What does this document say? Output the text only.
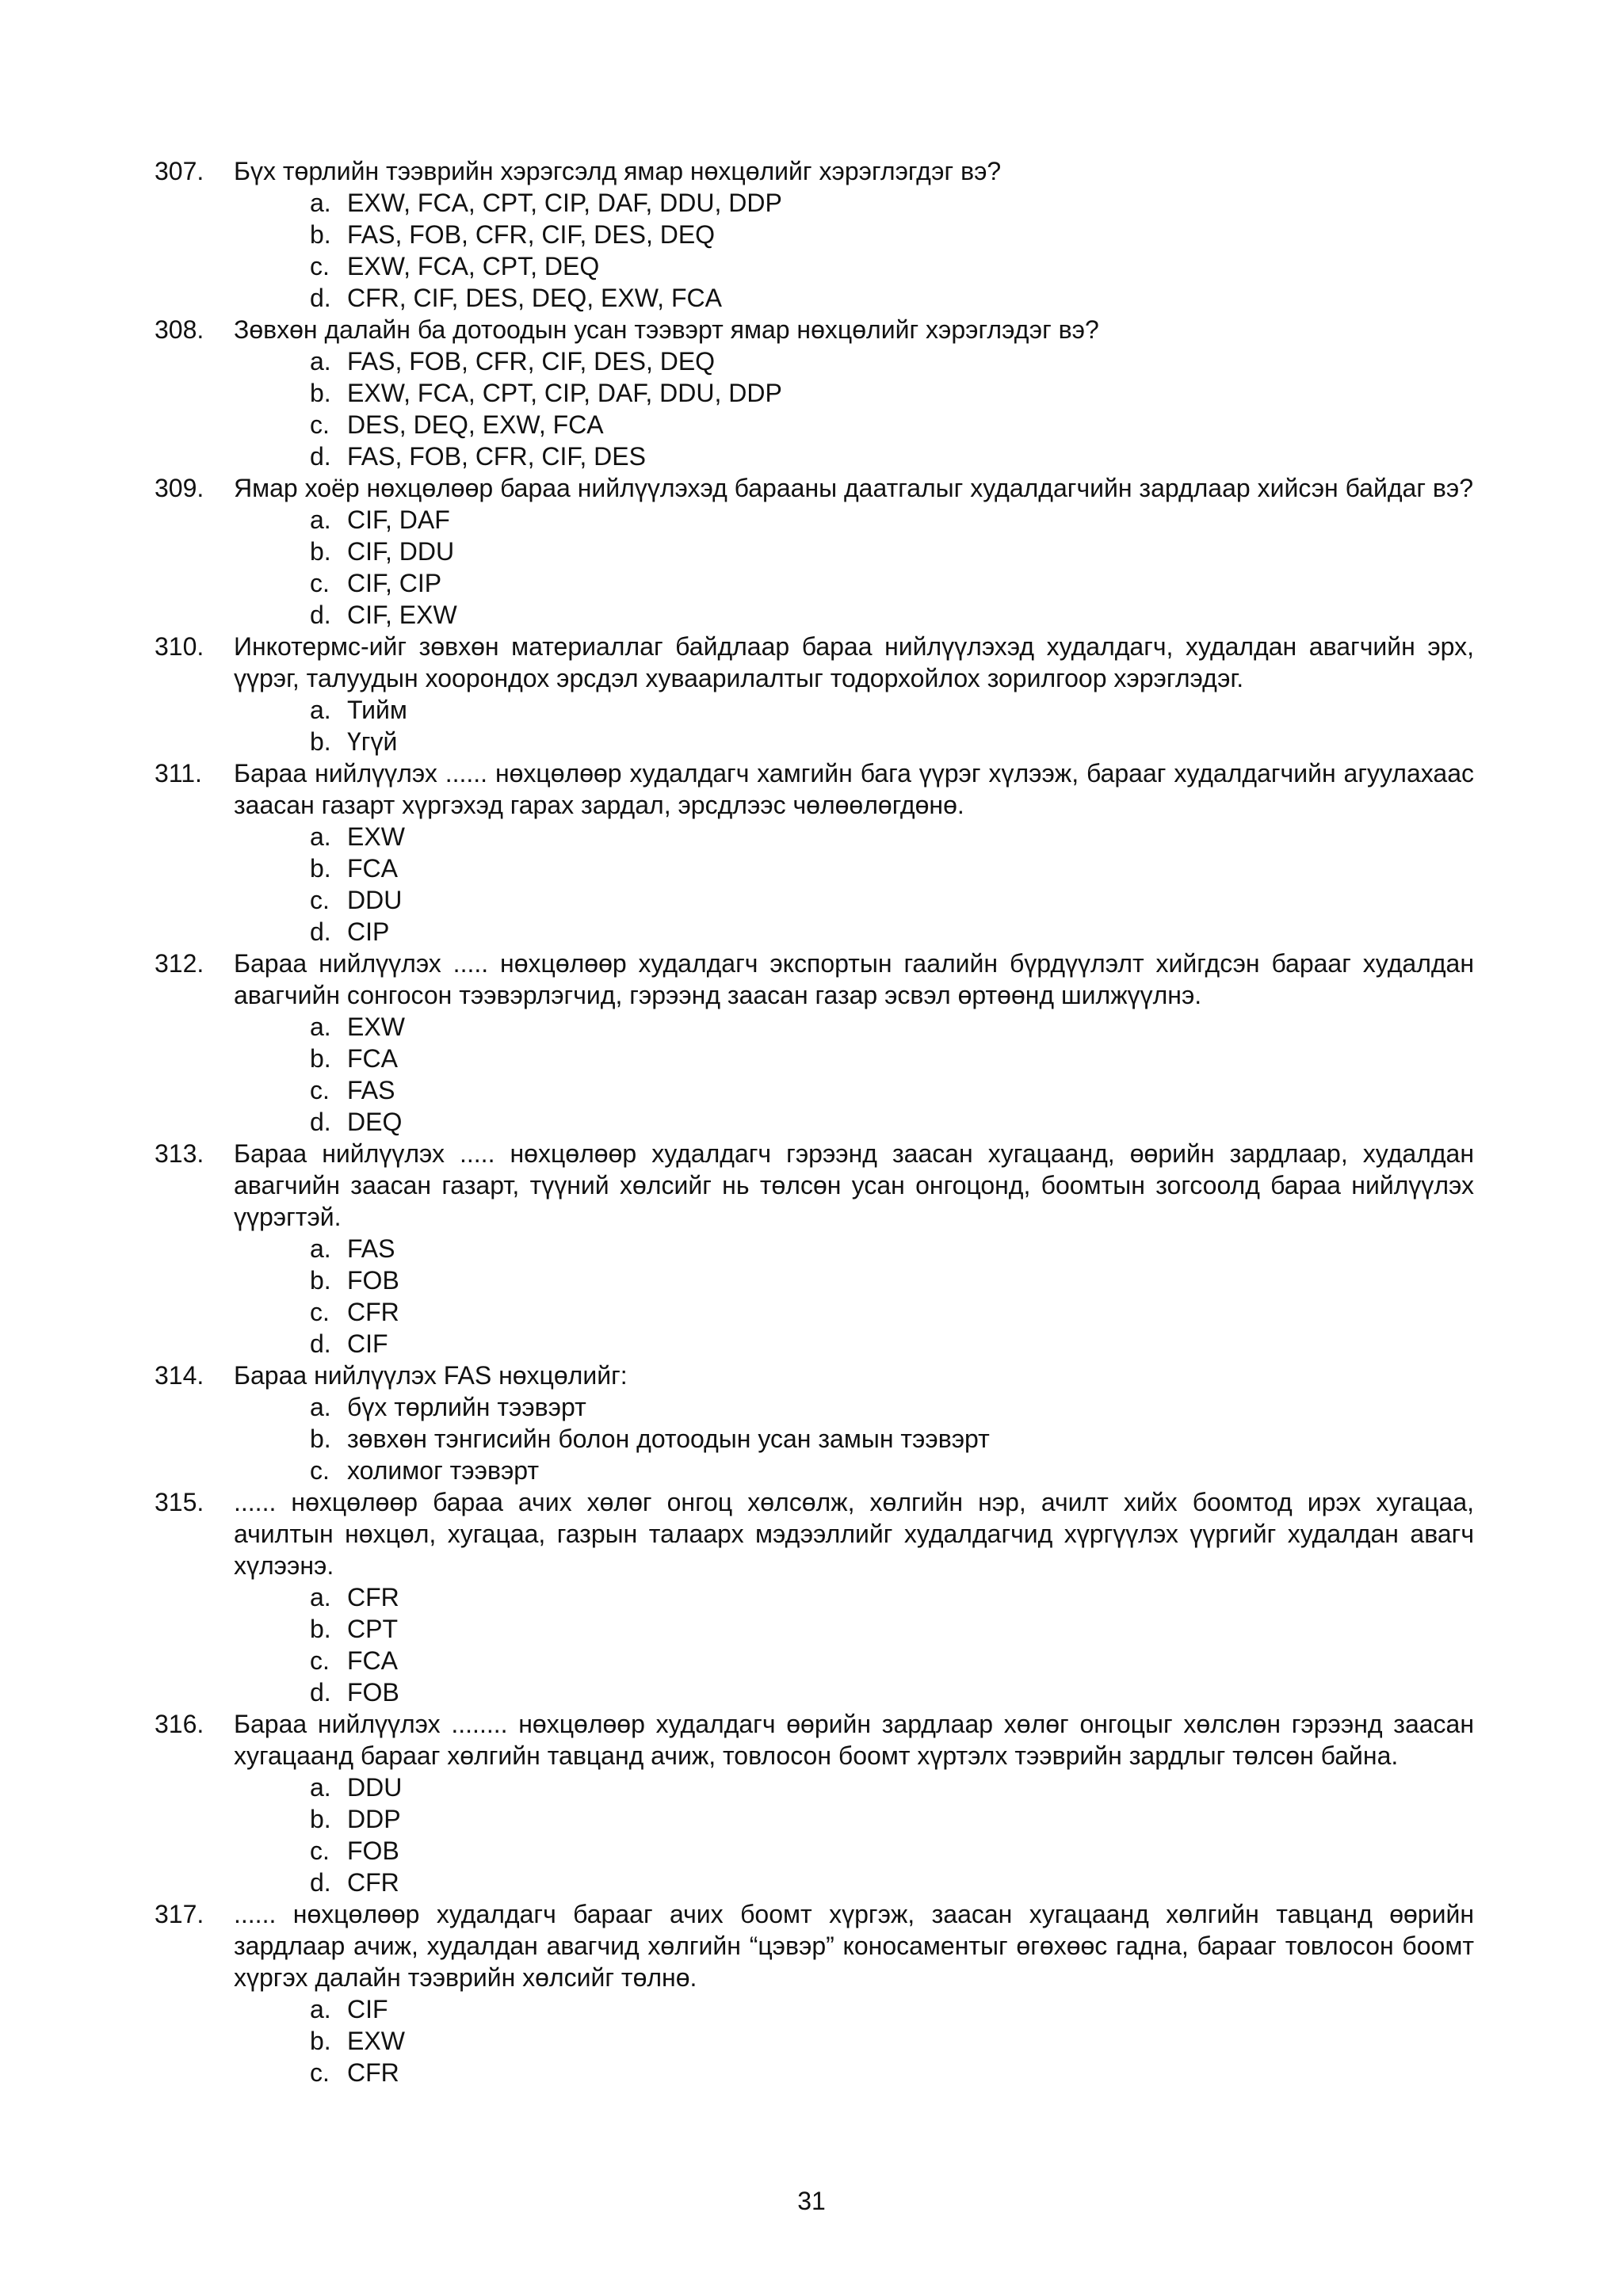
307.	Бүх төрлийн тээврийн хэрэгсэлд ямар нөхцөлийг хэрэглэгдэг вэ?
a. EXW, FCA, CPT, CIP, DAF, DDU, DDP
b. FAS, FOB, CFR, CIF, DES, DEQ
c. EXW, FCA, CPT, DEQ
d. CFR, CIF, DES, DEQ, EXW, FCA
308.	Зөвхөн далайн ба дотоодын усан тээвэрт ямар нөхцөлийг хэрэглэдэг вэ?
a. FAS, FOB, CFR, CIF, DES, DEQ
b. EXW, FCA, CPT, CIP, DAF, DDU, DDP
c. DES, DEQ, EXW, FCA
d. FAS, FOB, CFR, CIF, DES
309.	Ямар хоёр нөхцөлөөр бараа нийлүүлэхэд барааны даатгалыг худалдагчийн зардлаар хийсэн байдаг вэ?
a. CIF, DAF
b. CIF, DDU
c. CIF, CIP
d. CIF, EXW
310.	Инкотермс-ийг зөвхөн материаллаг байдлаар бараа нийлүүлэхэд худалдагч, худалдан авагчийн эрх, үүрэг, талуудын хоорондох эрсдэл хуваарилалтыг тодорхойлох зорилгоор хэрэглэдэг.
a. Тийм
b. Үгүй
311.	Бараа нийлүүлэх ...... нөхцөлөөр худалдагч хамгийн бага үүрэг хүлээж, барааг худалдагчийн агуулахаас заасан газарт хүргэхэд гарах зардал, эрсдлээс чөлөөлөгдөнө.
a. EXW
b. FCA
c. DDU
d. CIP
312.	Бараа нийлүүлэх ..... нөхцөлөөр худалдагч экспортын гаалийн бүрдүүлэлт хийгдсэн барааг худалдан авагчийн сонгосон тээвэрлэгчид, гэрээнд заасан газар эсвэл өртөөнд шилжүүлнэ.
a. EXW
b. FCA
c. FAS
d. DEQ
313.	Бараа нийлүүлэх ..... нөхцөлөөр худалдагч гэрээнд заасан хугацаанд, өөрийн зардлаар, худалдан авагчийн заасан газарт, түүний хөлсийг нь төлсөн усан онгоцонд, боомтын зогсоолд бараа нийлүүлэх үүрэгтэй.
a. FAS
b. FOB
c. CFR
d. CIF
314.	Бараа нийлүүлэх FAS нөхцөлийг:
a. бүх төрлийн тээвэрт
b. зөвхөн тэнгисийн болон дотоодын усан замын тээвэрт
c. холимог тээвэрт
315.	...... нөхцөлөөр бараа ачих хөлөг онгоц хөлсөлж, хөлгийн нэр, ачилт хийх боомтод ирэх хугацаа, ачилтын нөхцөл, хугацаа, газрын талаарх мэдээллийг худалдагчид хүргүүлэх үүргийг худалдан авагч хүлээнэ.
a. CFR
b. CPT
c. FCA
d. FOB
316.	Бараа нийлүүлэх ........ нөхцөлөөр худалдагч өөрийн зардлаар хөлөг онгоцыг хөлслөн гэрээнд заасан хугацаанд барааг хөлгийн тавцанд ачиж, товлосон боомт хүртэлх тээврийн зардлыг төлсөн байна.
a. DDU
b. DDP
c. FOB
d. CFR
317.	...... нөхцөлөөр худалдагч барааг ачих боомт хүргэж, заасан хугацаанд хөлгийн тавцанд өөрийн зардлаар ачиж, худалдан авагчид хөлгийн “цэвэр” коносаментыг өгөхөөс гадна, барааг товлосон боомт хүргэх далайн тээврийн хөлсийг төлнө.
a. CIF
b. EXW
c. CFR
31
